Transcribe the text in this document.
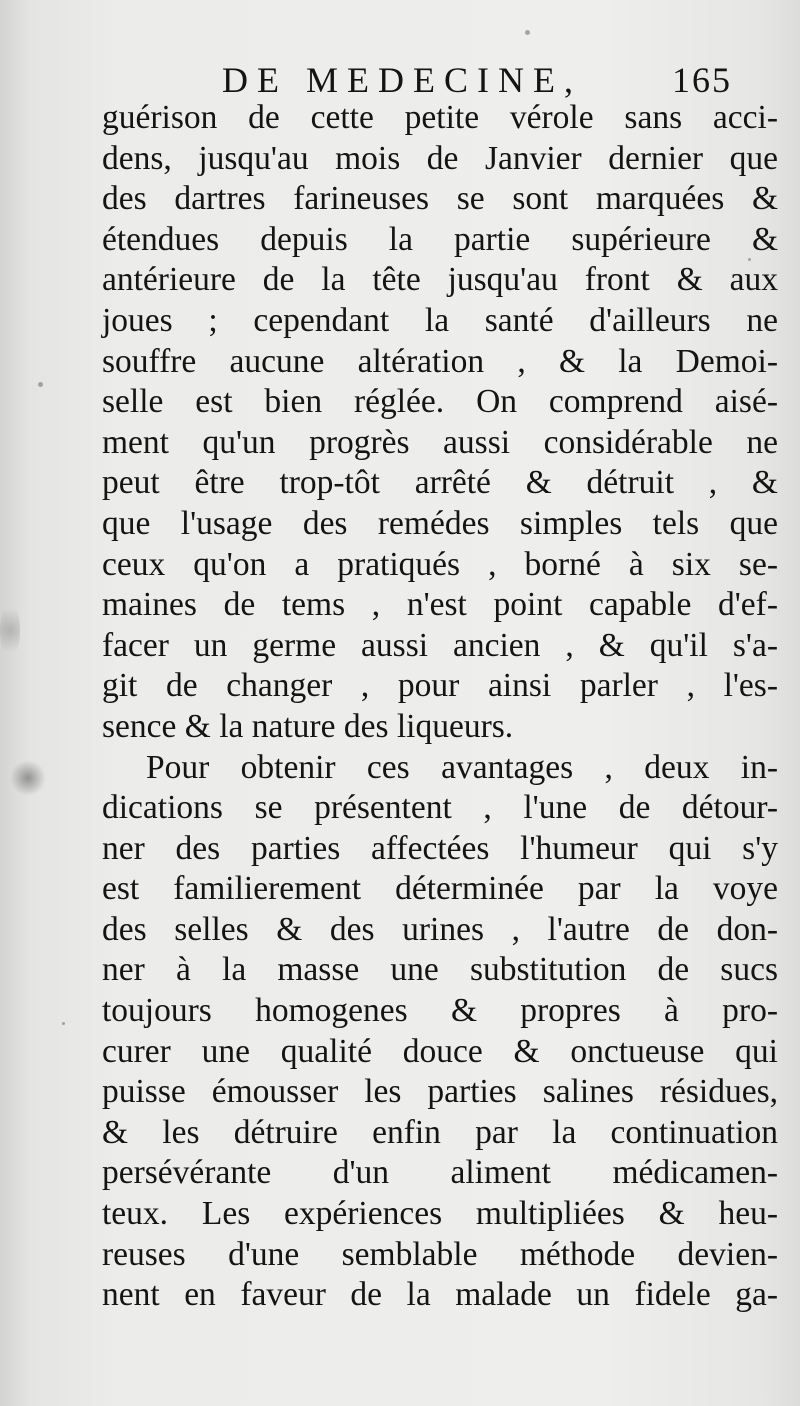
DE MEDECINE,	165
guérison de cette petite vérole sans acci-
dens, jusqu'au mois de Janvier dernier que
des dartres farineuses se sont marquées &
étendues depuis la partie supérieure &
antérieure de la tête jusqu'au front & aux
joues ; cependant la santé d'ailleurs ne
souffre aucune altération , & la Demoi-
selle est bien réglée. On comprend aisé-
ment qu'un progrès aussi considérable ne
peut être trop-tôt arrêté & détruit , &
que l'usage des remédes simples tels que
ceux qu'on a pratiqués , borné à six se-
maines de tems , n'est point capable d'ef-
facer un germe aussi ancien , & qu'il s'a-
git de changer , pour ainsi parler , l'es-
sence & la nature des liqueurs.
Pour obtenir ces avantages , deux in-
dications se présentent , l'une de détour-
ner des parties affectées l'humeur qui s'y
est familierement déterminée par la voye
des selles & des urines , l'autre de don-
ner à la masse une substitution de sucs
toujours homogenes & propres à pro-
curer une qualité douce & onctueuse qui
puisse émousser les parties salines résidues,
& les détruire enfin par la continuation
persévérante d'un aliment médicamen-
teux. Les expériences multipliées & heu-
reuses d'une semblable méthode devien-
nent en faveur de la malade un fidele ga-
